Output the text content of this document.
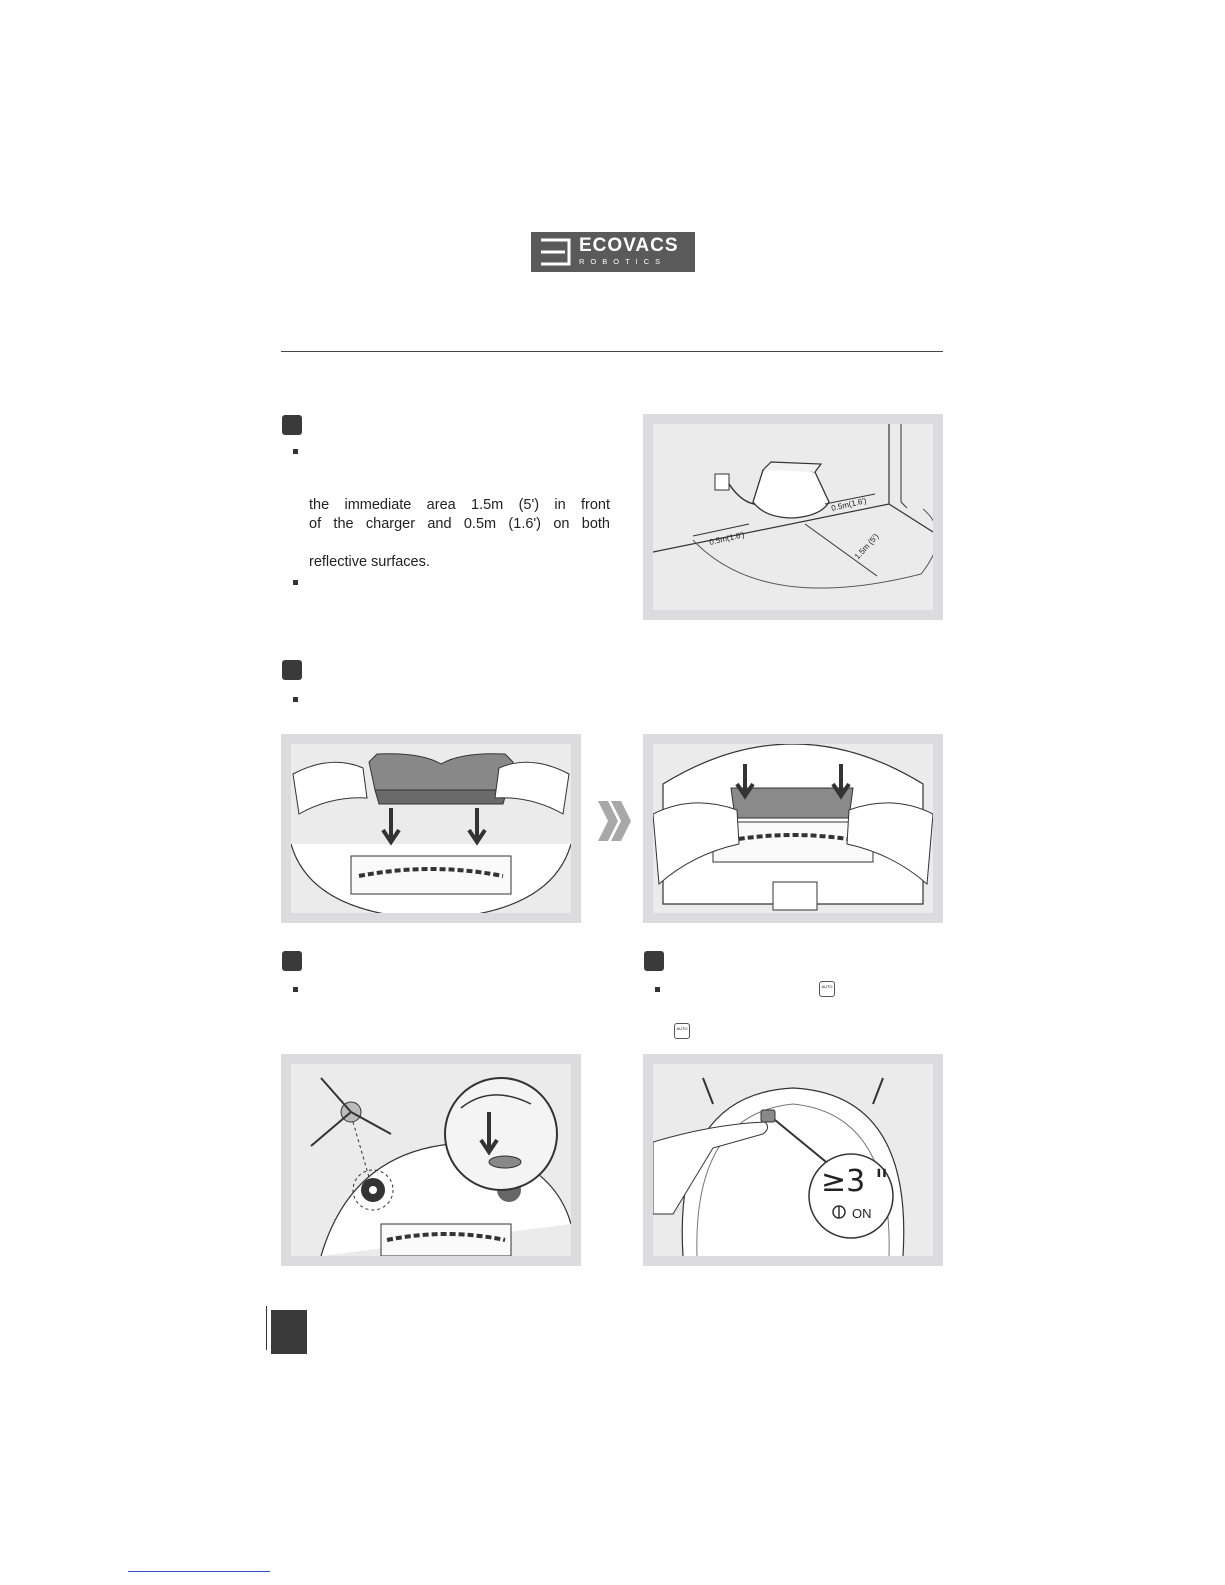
ECOVACS
ROBOTICS
the immediate area 1.5m (5') in front
of the charger and 0.5m (1.6') on both
reflective surfaces.
0.5m(1.6')
0.5m(1.6')
1.5m (5')
AUTO
AUTO
≥3 "
ON
